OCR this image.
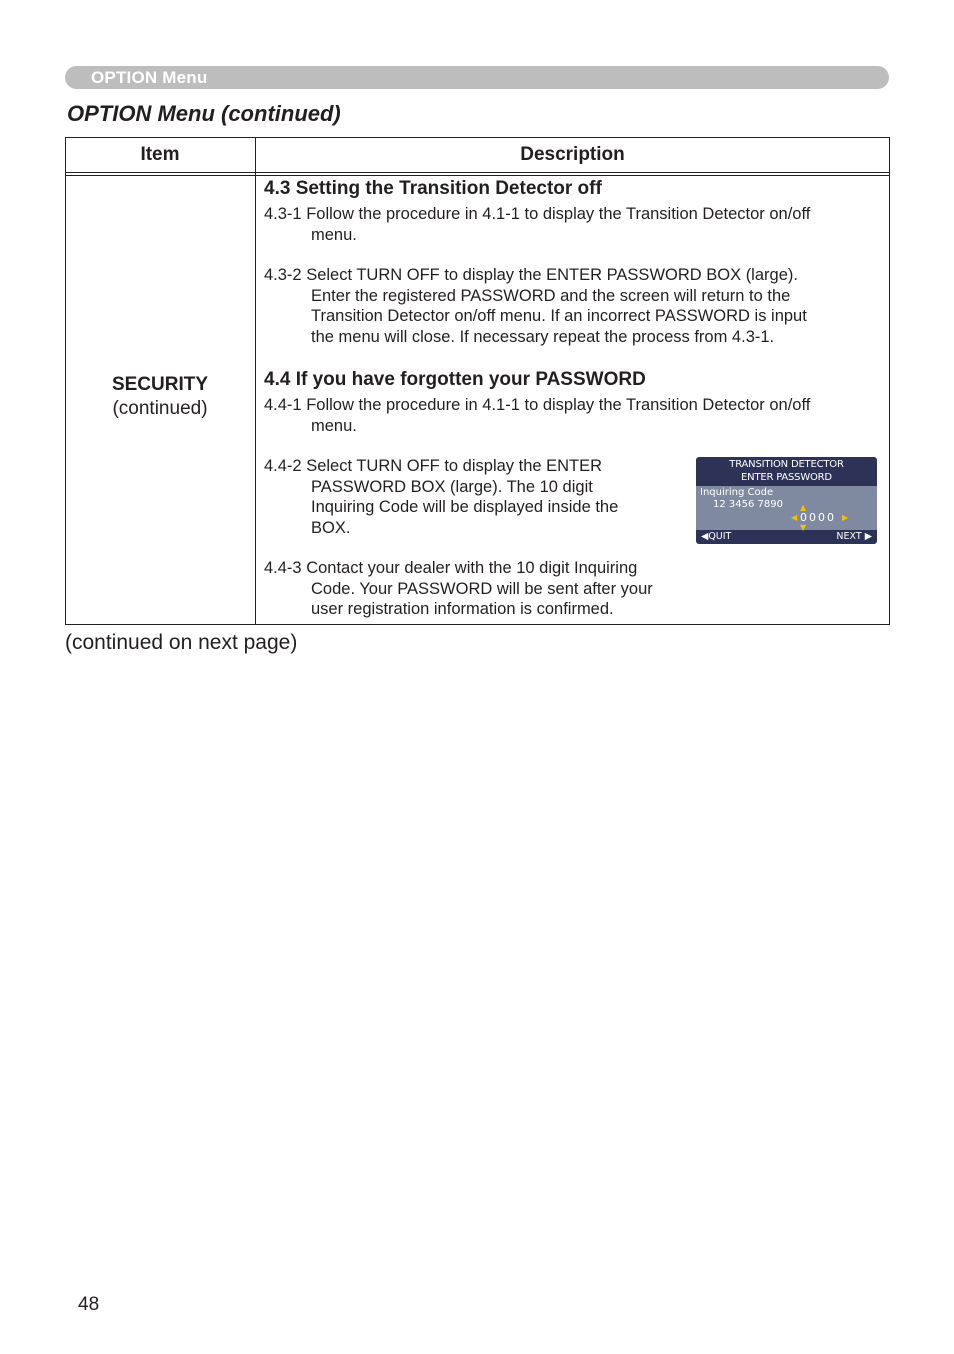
OPTION Menu
OPTION Menu (continued)
Item	Description
SECURITY
(continued)
4.3 Setting the Transition Detector off
4.3-1 Follow the procedure in 4.1-1 to display the Transition Detector on/off
menu.
4.3-2 Select TURN OFF to display the ENTER PASSWORD BOX (large).
Enter the registered PASSWORD and the screen will return to the
Transition Detector on/off menu. If an incorrect PASSWORD is input
the menu will close. If necessary repeat the process from 4.3-1.
4.4 If you have forgotten your PASSWORD
4.4-1 Follow the procedure in 4.1-1 to display the Transition Detector on/off
menu.
4.4-2 Select TURN OFF to display the ENTER
PASSWORD BOX (large). The 10 digit
Inquiring Code will be displayed inside the
BOX.
4.4-3 Contact your dealer with the 10 digit Inquiring
Code. Your PASSWORD will be sent after your
user registration information is confirmed.
TRANSITION DETECTOR
ENTER PASSWORD
Inquiring Code
12 3456 7890 ▲
▼
◀ 0000 ▶
◀QUIT	NEXT ▶
(continued on next page)
48
